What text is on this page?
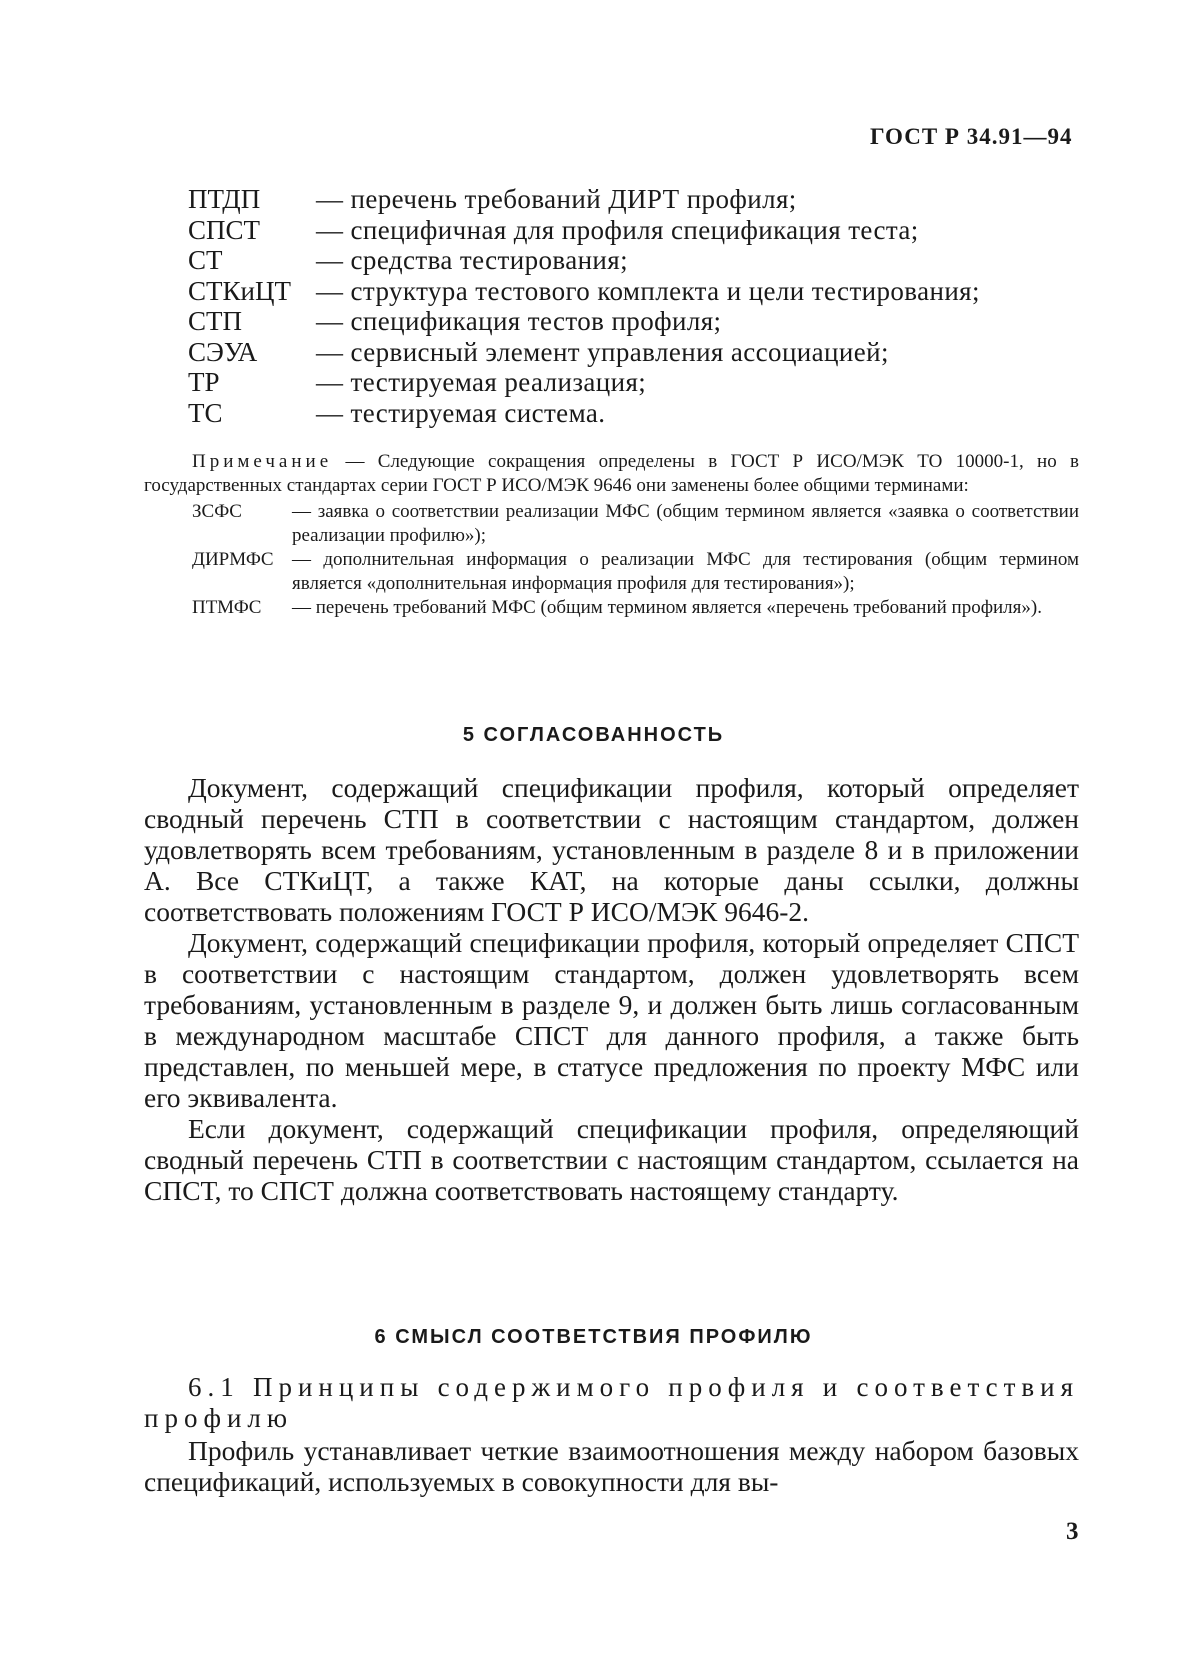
ГОСТ Р 34.91—94
ПТДП	— перечень требований ДИРТ профиля;
СПСТ	— специфичная для профиля спецификация теста;
СТ	— средства тестирования;
СТКиЦТ — структура тестового комплекта и цели тестирования;
СТП	— спецификация тестов профиля;
СЭУА	— сервисный элемент управления ассоциацией;
ТР	— тестируемая реализация;
ТС	— тестируемая система.

Примечание — Следующие сокращения определены в ГОСТ Р ИСО/МЭК ТО 10000-1, но в государственных стандартах серии ГОСТ Р ИСО/МЭК 9646 они заменены более общими терминами:

ЗСФС	— заявка о соответствии реализации МФС (общим термином является «заявка о соответствии реализации профилю»);
ДИРМФС — дополнительная информация о реализации МФС для тестирования (общим термином является «дополнительная информация профиля для тестирования»);
ПТМФС	— перечень требований МФС (общим термином является «перечень требований профиля»).
5 СОГЛАСОВАННОСТЬ

Документ, содержащий спецификации профиля, который определяет сводный перечень СТП в соответствии с настоящим стандартом, должен удовлетворять всем требованиям, установленным в разделе 8 и в приложении А. Все СТКиЦТ, а также КАТ, на которые даны ссылки, должны соответствовать положениям ГОСТ Р ИСО/МЭК 9646-2.

Документ, содержащий спецификации профиля, который определяет СПСТ в соответствии с настоящим стандартом, должен удовлетворять всем требованиям, установленным в разделе 9, и должен быть лишь согласованным в международном масштабе СПСТ для данного профиля, а также быть представлен, по меньшей мере, в статусе предложения по проекту МФС или его эквивалента.

Если документ, содержащий спецификации профиля, определяющий сводный перечень СТП в соответствии с настоящим стандартом, ссылается на СПСТ, то СПСТ должна соответствовать настоящему стандарту.

6 СМЫСЛ СООТВЕТСТВИЯ ПРОФИЛЮ

6.1 Принципы содержимого профиля и соответствия профилю

Профиль устанавливает четкие взаимоотношения между набором базовых спецификаций, используемых в совокупности для вы-

3
